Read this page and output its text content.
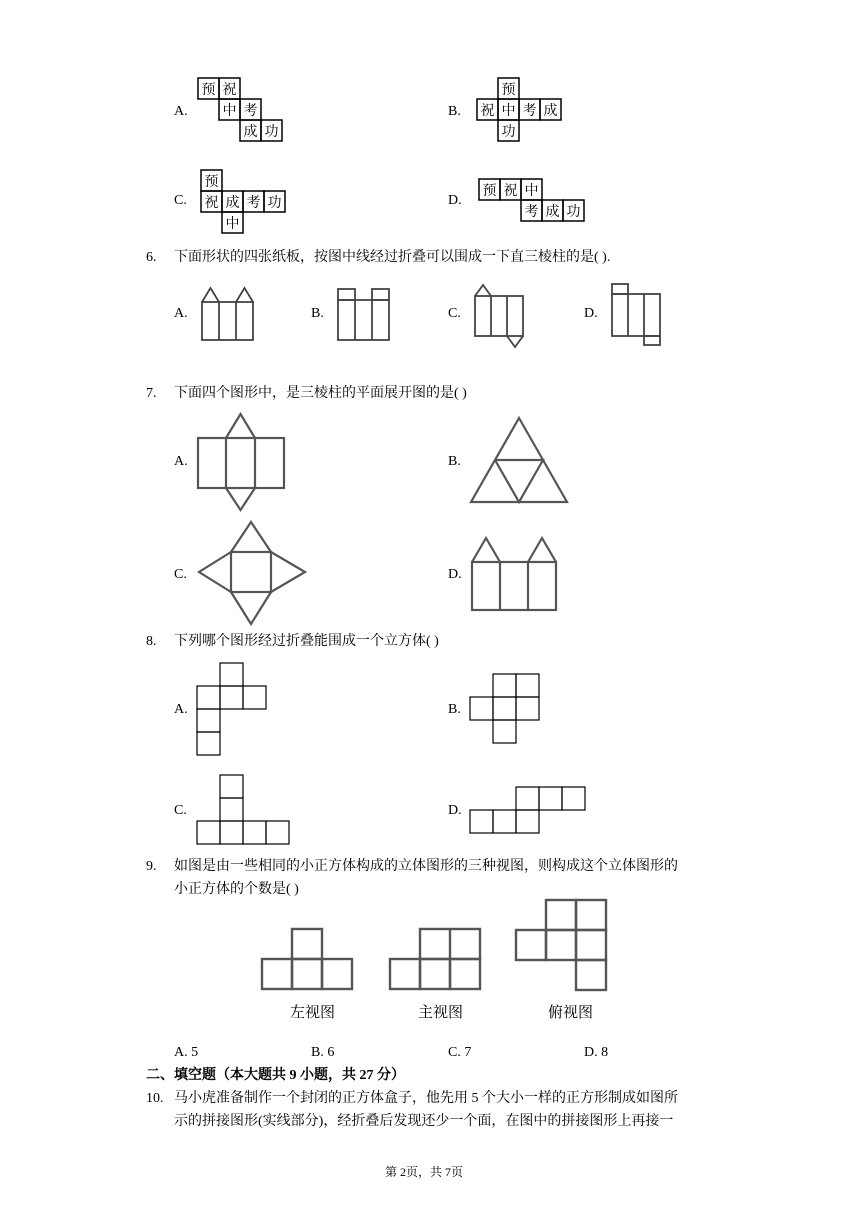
A.
预 祝
中 考
成 功
B.
预
祝 中 考 成
功
C.
预
祝 成 考 功
中
D.
预 祝 中
考 成 功
6. 下面形状的四张纸板，按图中线经过折叠可以围成一下直三棱柱的是( ).
A.	B.	C.	D.
7. 下面四个图形中，是三棱柱的平面展开图的是( )
A.	B.
C.	D.
8. 下列哪个图形经过折叠能围成一个立方体( )
A.	B.
C.	D.
9. 如图是由一些相同的小正方体构成的立体图形的三种视图，则构成这个立体图形的
小正方体的个数是( )
左视图	主视图	俯视图
A. 5	B. 6	C. 7	D. 8
二、填空题（本大题共 9 小题，共 27 分）
10. 马小虎准备制作一个封闭的正方体盒子，他先用 5 个大小一样的正方形制成如图所
示的拼接图形(实线部分)，经折叠后发现还少一个面，在图中的拼接图形上再接一
第 2页，共 7页
